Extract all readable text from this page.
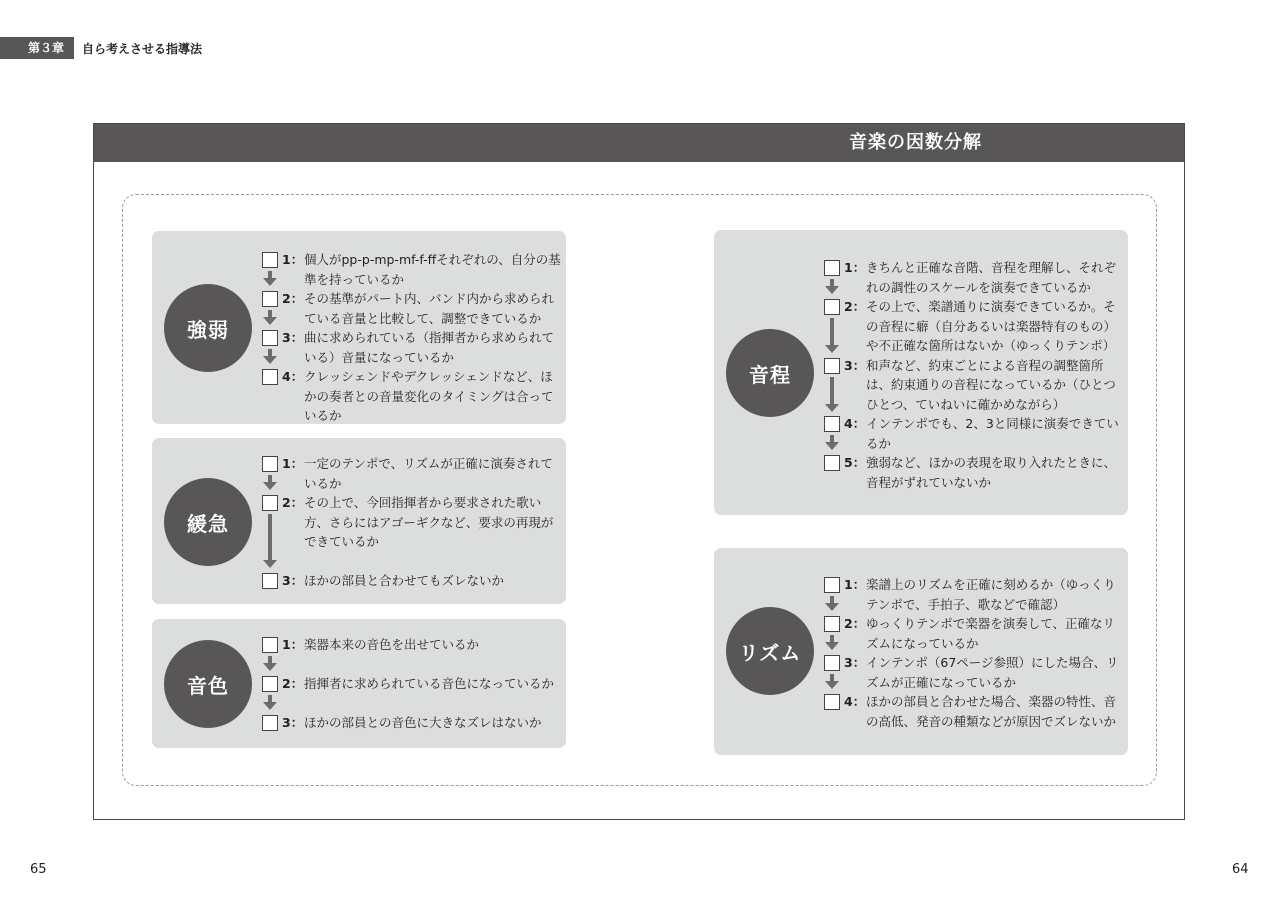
第３章	自ら考えさせる指導法
音楽の因数分解
強弱
1： 個人がpp-p-mp-mf-f-ffそれぞれの、自分の基準を持っているか
2： その基準がパート内、バンド内から求められている音量と比較して、調整できているか
3： 曲に求められている（指揮者から求められている）音量になっているか
4： クレッシェンドやデクレッシェンドなど、ほかの奏者との音量変化のタイミングは合っているか
緩急
1： 一定のテンポで、リズムが正確に演奏されているか
2： その上で、今回指揮者から要求された歌い方、さらにはアゴーギクなど、要求の再現ができているか
3： ほかの部員と合わせてもズレないか
音色
1： 楽器本来の音色を出せているか
2： 指揮者に求められている音色になっているか
3： ほかの部員との音色に大きなズレはないか
音程
1： きちんと正確な音階、音程を理解し、それぞれの調性のスケールを演奏できているか
2： その上で、楽譜通りに演奏できているか。その音程に癖（自分あるいは楽器特有のもの）や不正確な箇所はないか（ゆっくりテンポ）
3： 和声など、約束ごとによる音程の調整箇所は、約束通りの音程になっているか（ひとつひとつ、ていねいに確かめながら）
4： インテンポでも、2、3と同様に演奏できているか
5： 強弱など、ほかの表現を取り入れたときに、音程がずれていないか
リズム
1： 楽譜上のリズムを正確に刻めるか（ゆっくりテンポで、手拍子、歌などで確認）
2： ゆっくりテンポで楽器を演奏して、正確なリズムになっているか
3： インテンポ（67ページ参照）にした場合、リズムが正確になっているか
4： ほかの部員と合わせた場合、楽器の特性、音の高低、発音の種類などが原因でズレないか
65	64
